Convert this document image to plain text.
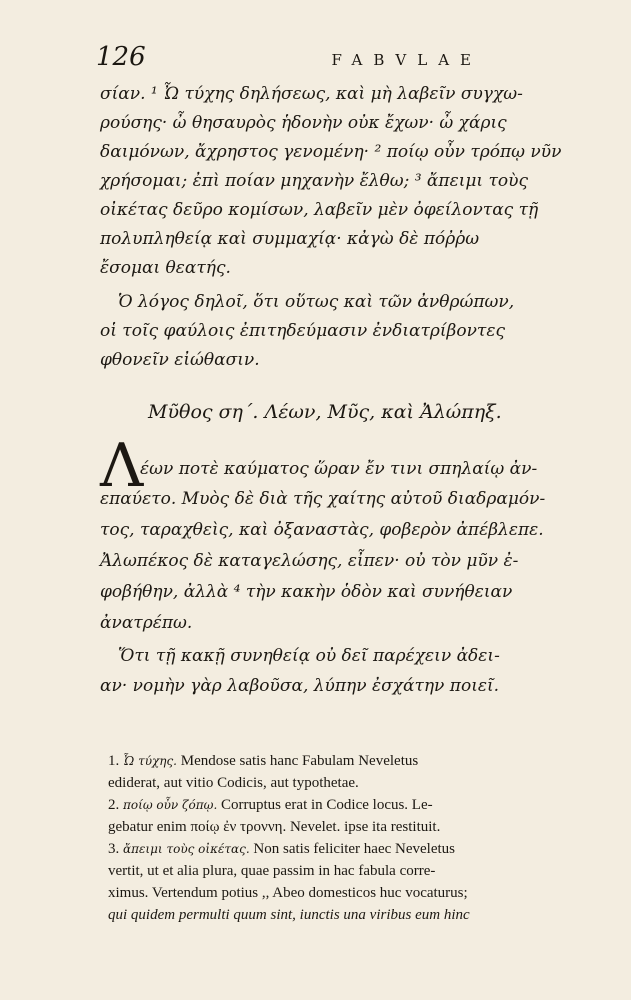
126	FABVLAE
σίαν. ¹ Ὦ τύχης δηλήσεως, καὶ μὴ λαβεῖν συγχω-
ρούσης· ὦ θησαυρὸς ἡδονὴν οὐκ ἔχων· ὦ χάρις
δαιμόνων, ἄχρηστος γενομένη· ² ποίῳ οὖν τρόπῳ νῦν
χρήσομαι; ἐπὶ ποίαν μηχανὴν ἔλθω; ³ ἄπειμι τοὺς
οἰκέτας δεῦρο κομίσων, λαβεῖν μὲν ὀφείλοντας τῇ
πολυπληθείᾳ καὶ συμμαχίᾳ· κἀγὼ δὲ πόῤῥω
ἔσομαι θεατής.
Ὁ λόγος δηλοῖ, ὅτι οὕτως καὶ τῶν ἀνθρώπων,
οἱ τοῖς φαύλοις ἐπιτηδεύμασιν ἐνδιατρίβοντες
φθονεῖν εἰώθασιν.
Μῦθος ση΄. Λέων, Μῦς, καὶ Ἀλώπηξ.
Λ
έων ποτὲ καύματος ὥραν ἔν τινι σπηλαίῳ ἀν-
επαύετο. Μυὸς δὲ διὰ τῆς χαίτης αὐτοῦ διαδραμόν-
τος, ταραχθεὶς, καὶ ὀξαναστὰς, φοβερὸν ἀπέβλεπε.
Ἀλωπέκος δὲ καταγελώσης, εἶπεν· οὐ τὸν μῦν ἐ-
φοβήθην, ἀλλὰ ⁴ τὴν κακὴν ὁδὸν καὶ συνήθειαν
ἀνατρέπω.
Ὅτι τῇ κακῇ συνηθείᾳ οὐ δεῖ παρέχειν ἀδει-
αν· νομὴν γὰρ λαβοῦσα, λύπην ἐσχάτην ποιεῖ.
1. Ὦ τύχης. Mendose satis hanc Fabulam Neveletus
ediderat, aut vitio Codicis, aut typothetae.
2. ποίῳ οὖν ζόπῳ. Corruptus erat in Codice locus. Le-
gebatur enim ποίῳ ἐν τροννη. Nevelet. ipse ita restituit.
3. ἄπειμι τοὺς οἰκέτας. Non satis feliciter haec Neveletus
vertit, ut et alia plura, quae passim in hac fabula corre-
ximus. Vertendum potius ,, Abeo domesticos huc vocaturus;
qui quidem permulti quum sint, iunctis una viribus eum hinc
